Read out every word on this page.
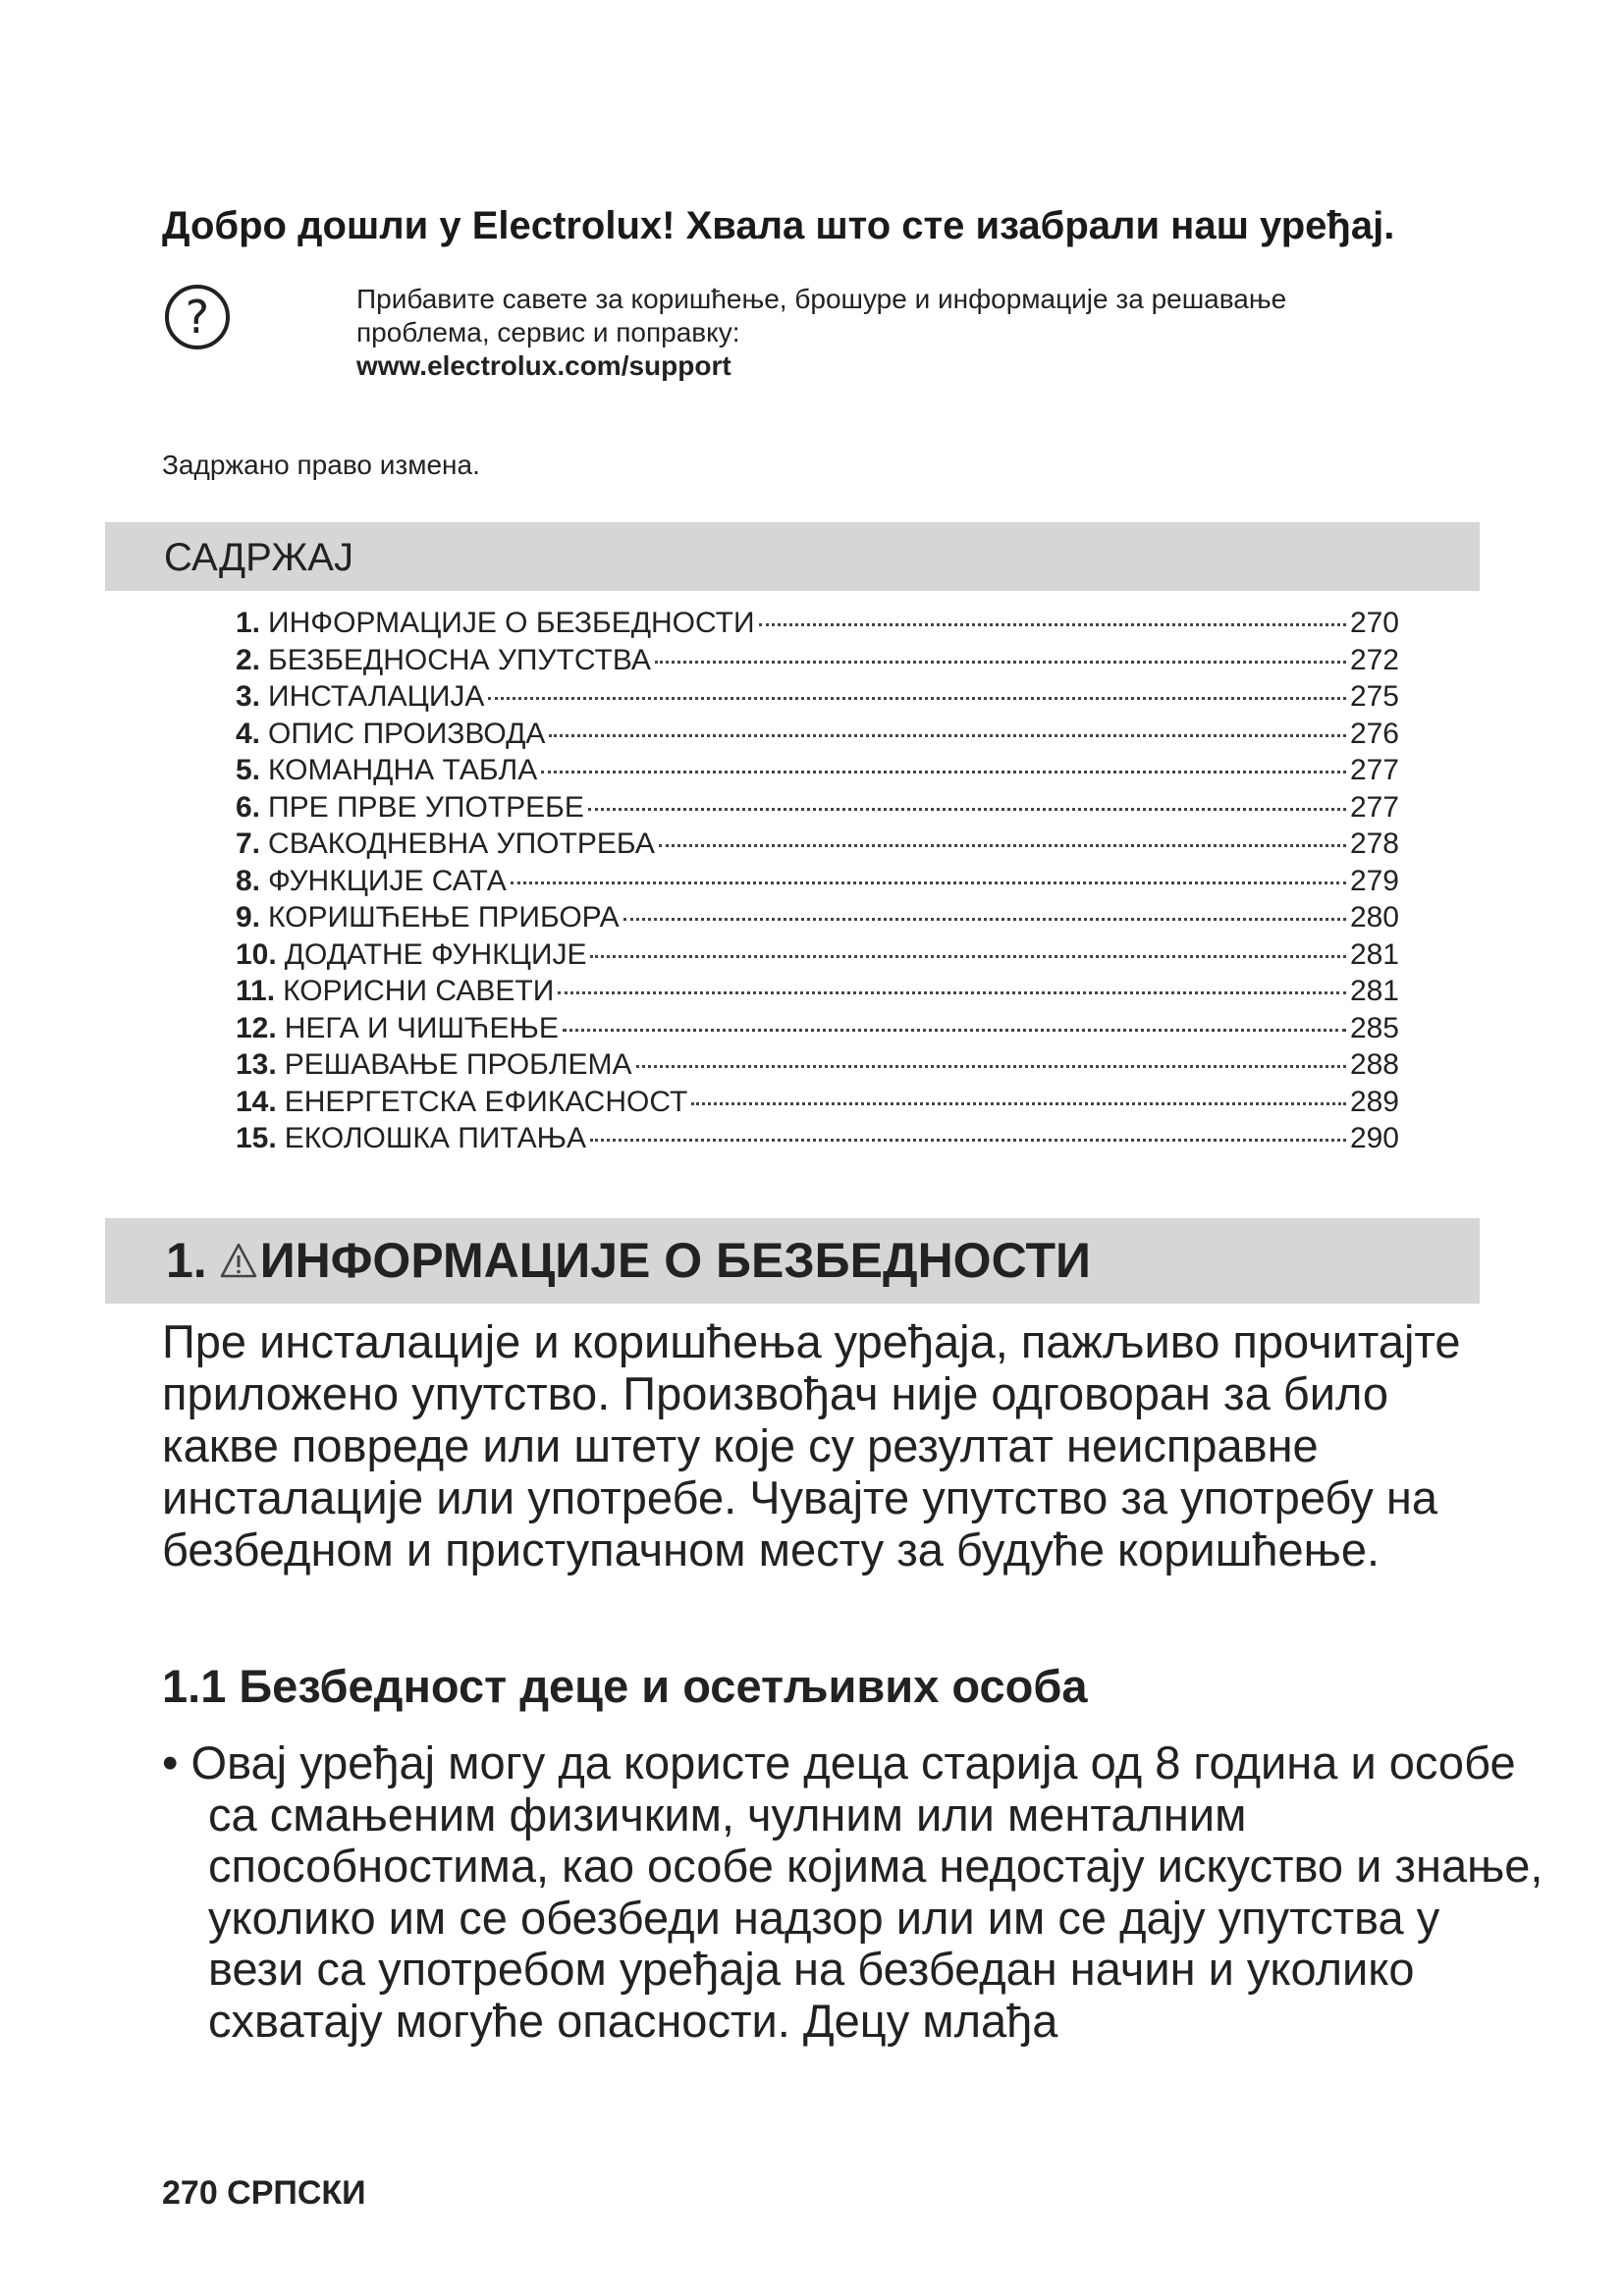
Добро дошли у Electrolux! Хвала што сте изабрали наш уређај.
?	Прибавите савете за коришћење, брошуре и информације за решавање
проблема, сервис и поправку:
www.electrolux.com/support
Задржано право измена.
САДРЖАЈ
1. ИНФОРМАЦИЈЕ О БЕЗБЕДНОСТИ	270
2. БЕЗБЕДНОСНА УПУТСТВА	272
3. ИНСТАЛАЦИЈА	275
4. ОПИС ПРОИЗВОДА	276
5. КОМАНДНА ТАБЛА	277
6. ПРЕ ПРВЕ УПОТРЕБЕ	277
7. СВАКОДНЕВНА УПОТРЕБА	278
8. ФУНКЦИЈЕ САТА	279
9. КОРИШЋЕЊЕ ПРИБОРА	280
10. ДОДАТНЕ ФУНКЦИЈЕ	281
11. КОРИСНИ САВЕТИ	281
12. НЕГА И ЧИШЋЕЊЕ	285
13. РЕШАВАЊЕ ПРОБЛЕМА	288
14. ЕНЕРГЕТСКА ЕФИКАСНОСТ	289
15. ЕКОЛОШКА ПИТАЊА	290
1. ИНФОРМАЦИЈЕ О БЕЗБЕДНОСТИ

Пре инсталације и коришћења уређаја, пажљиво прочитајте приложено упутство. Произвођач није одговоран за било какве повреде или штету које су резултат неисправне инсталације или употребе. Чувајте упутство за употребу на безбедном и приступачном месту за будуће коришћење.

1.1 Безбедност деце и осетљивих особа

• Овај уређај могу да користе деца старија од 8 година и особе са смањеним физичким, чулним или менталним способностима, као особе којима недостају искуство и знање, уколико им се обезбеди надзор или им се дају упутства у вези са употребом уређаја на безбедан начин и уколико схватају могуће опасности. Децу млађа

270 СРПСКИ
